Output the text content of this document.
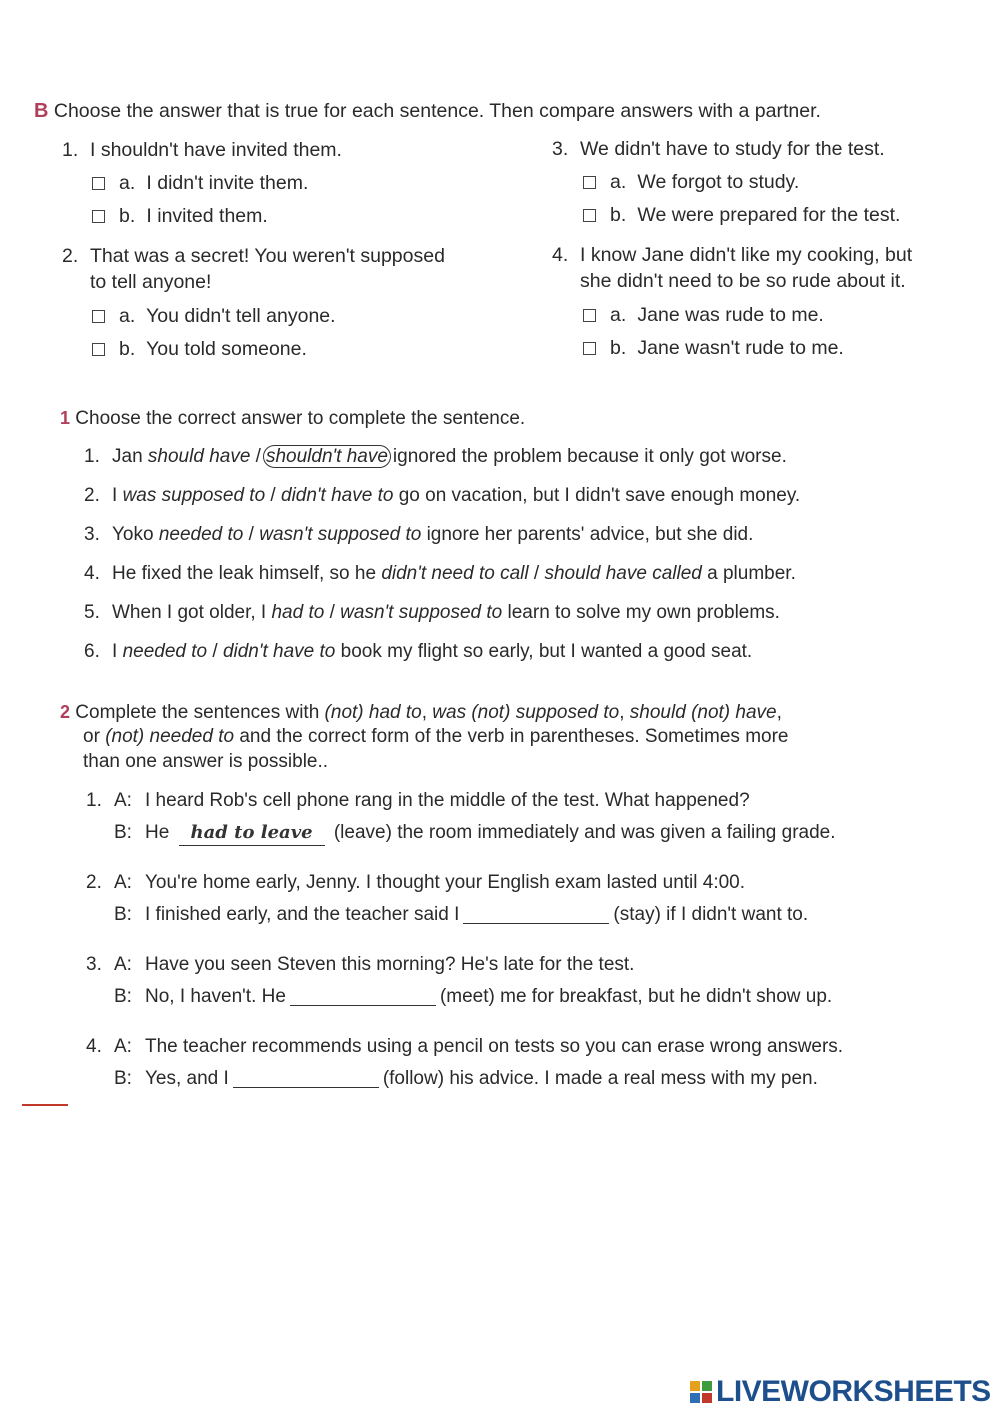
B Choose the answer that is true for each sentence. Then compare answers with a partner.
1. I shouldn't have invited them.
a. I didn't invite them.
b. I invited them.
2. That was a secret! You weren't supposed
to tell anyone!
a. You didn't tell anyone.
b. You told someone.
3. We didn't have to study for the test.
a. We forgot to study.
b. We were prepared for the test.
4. I know Jane didn't like my cooking, but
she didn't need to be so rude about it.
a. Jane was rude to me.
b. Jane wasn't rude to me.
1 Choose the correct answer to complete the sentence.
1. Jan should have / shouldn't have ignored the problem because it only got worse.
2. I was supposed to / didn't have to go on vacation, but I didn't save enough money.
3. Yoko needed to / wasn't supposed to ignore her parents' advice, but she did.
4. He fixed the leak himself, so he didn't need to call / should have called a plumber.
5. When I got older, I had to / wasn't supposed to learn to solve my own problems.
6. I needed to / didn't have to book my flight so early, but I wanted a good seat.
2 Complete the sentences with (not) had to, was (not) supposed to, should (not) have,
or (not) needed to and the correct form of the verb in parentheses. Sometimes more
than one answer is possible..
1. A: I heard Rob's cell phone rang in the middle of the test. What happened?
B: He had to leave (leave) the room immediately and was given a failing grade.
2. A: You're home early, Jenny. I thought your English exam lasted until 4:00.
B: I finished early, and the teacher said I	(stay) if I didn't want to.
3. A: Have you seen Steven this morning? He's late for the test.
B: No, I haven't. He	(meet) me for breakfast, but he didn't show up.
4. A: The teacher recommends using a pencil on tests so you can erase wrong answers.
B: Yes, and I	(follow) his advice. I made a real mess with my pen.
LIVEWORKSHEETS
